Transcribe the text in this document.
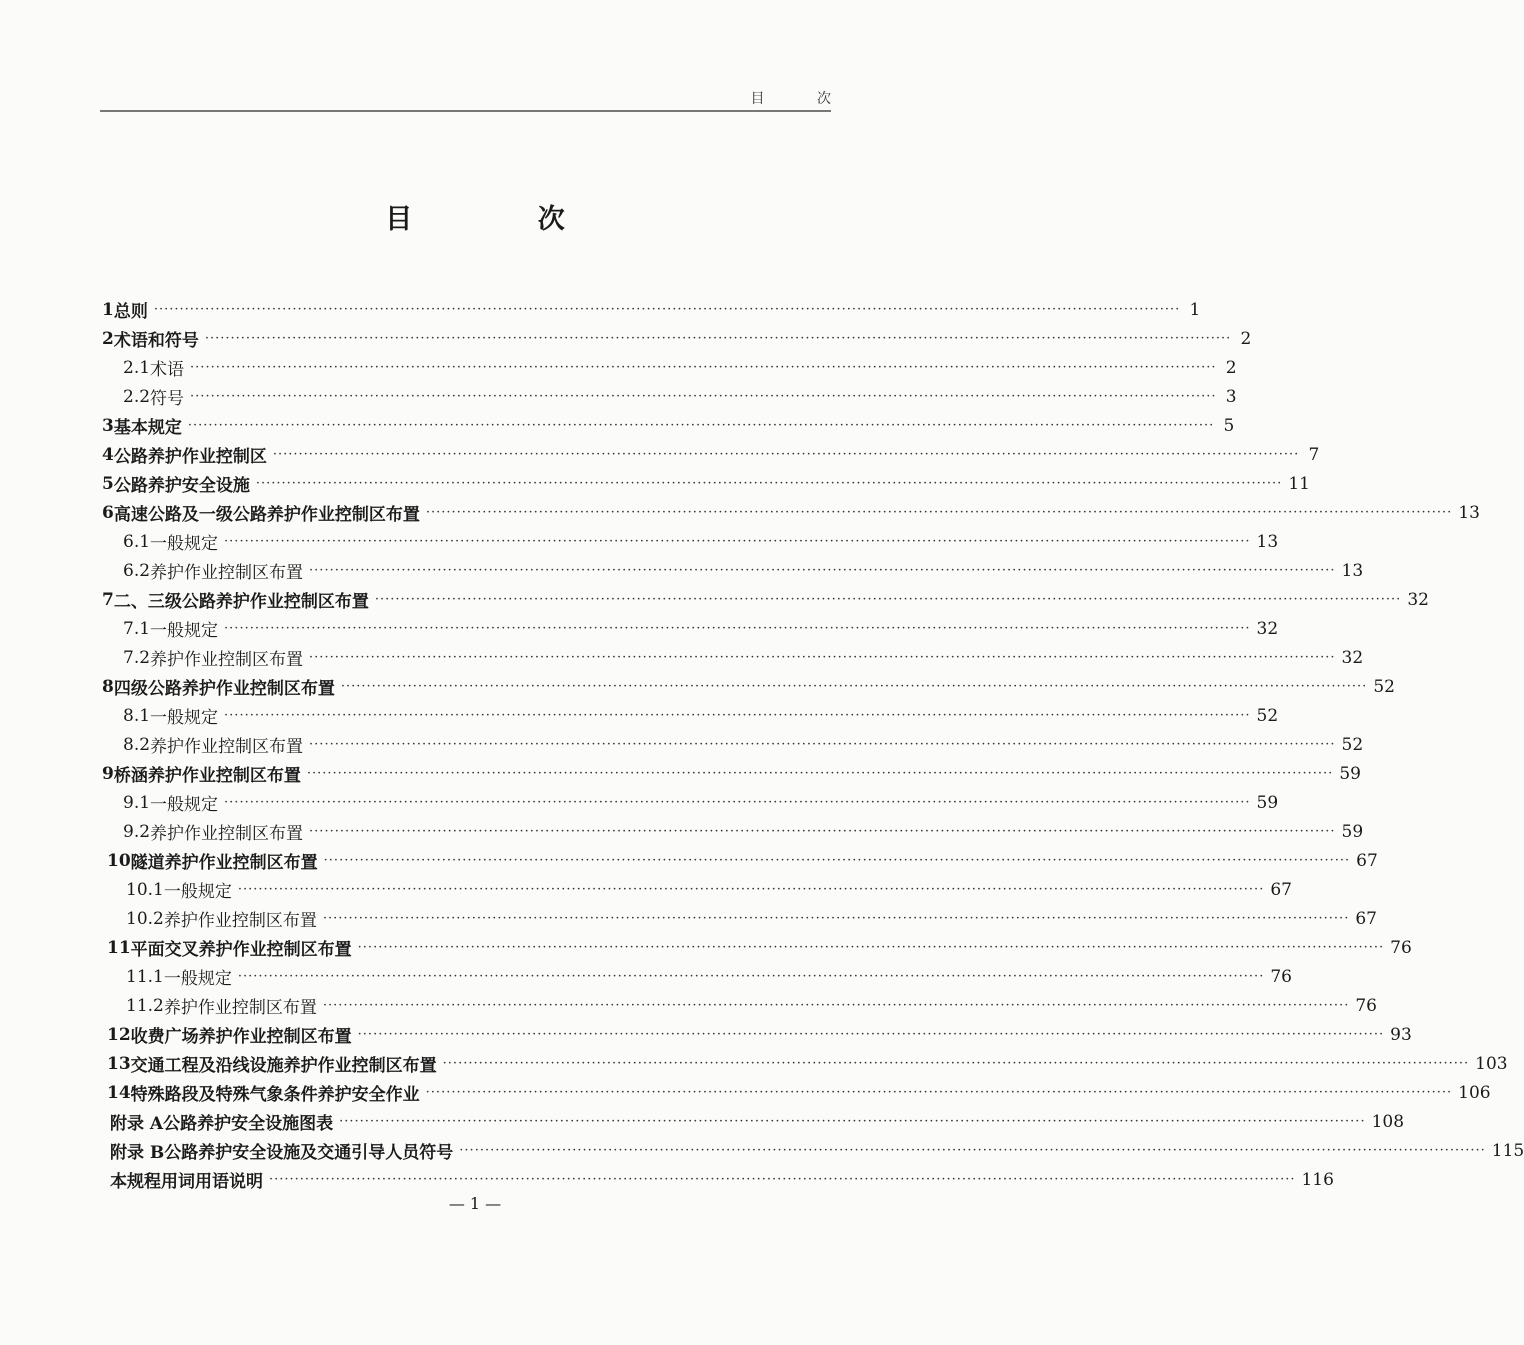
目 次
目 次
1 总则 ········································································································································································································ 1
2 术语和符号 ········································································································································································································ 2
2.1 术语 ········································································································································································································ 2
2.2 符号 ········································································································································································································ 3
3 基本规定 ········································································································································································································ 5
4 公路养护作业控制区 ········································································································································································································ 7
5 公路养护安全设施 ········································································································································································································ 11
6 高速公路及一级公路养护作业控制区布置 ········································································································································································································ 13
6.1 一般规定 ········································································································································································································ 13
6.2 养护作业控制区布置 ········································································································································································································ 13
7 二、三级公路养护作业控制区布置 ········································································································································································································ 32
7.1 一般规定 ········································································································································································································ 32
7.2 养护作业控制区布置 ········································································································································································································ 32
8 四级公路养护作业控制区布置 ········································································································································································································ 52
8.1 一般规定 ········································································································································································································ 52
8.2 养护作业控制区布置 ········································································································································································································ 52
9 桥涵养护作业控制区布置 ········································································································································································································ 59
9.1 一般规定 ········································································································································································································ 59
9.2 养护作业控制区布置 ········································································································································································································ 59
10 隧道养护作业控制区布置 ········································································································································································································ 67
10.1 一般规定 ········································································································································································································ 67
10.2 养护作业控制区布置 ········································································································································································································ 67
11 平面交叉养护作业控制区布置 ········································································································································································································ 76
11.1 一般规定 ········································································································································································································ 76
11.2 养护作业控制区布置 ········································································································································································································ 76
12 收费广场养护作业控制区布置 ········································································································································································································ 93
13 交通工程及沿线设施养护作业控制区布置 ········································································································································································································ 103
14 特殊路段及特殊气象条件养护安全作业 ········································································································································································································ 106
附录 A 公路养护安全设施图表 ········································································································································································································ 108
附录 B 公路养护安全设施及交通引导人员符号 ········································································································································································································ 115
本规程用词用语说明 ········································································································································································································ 116
— 1 —
